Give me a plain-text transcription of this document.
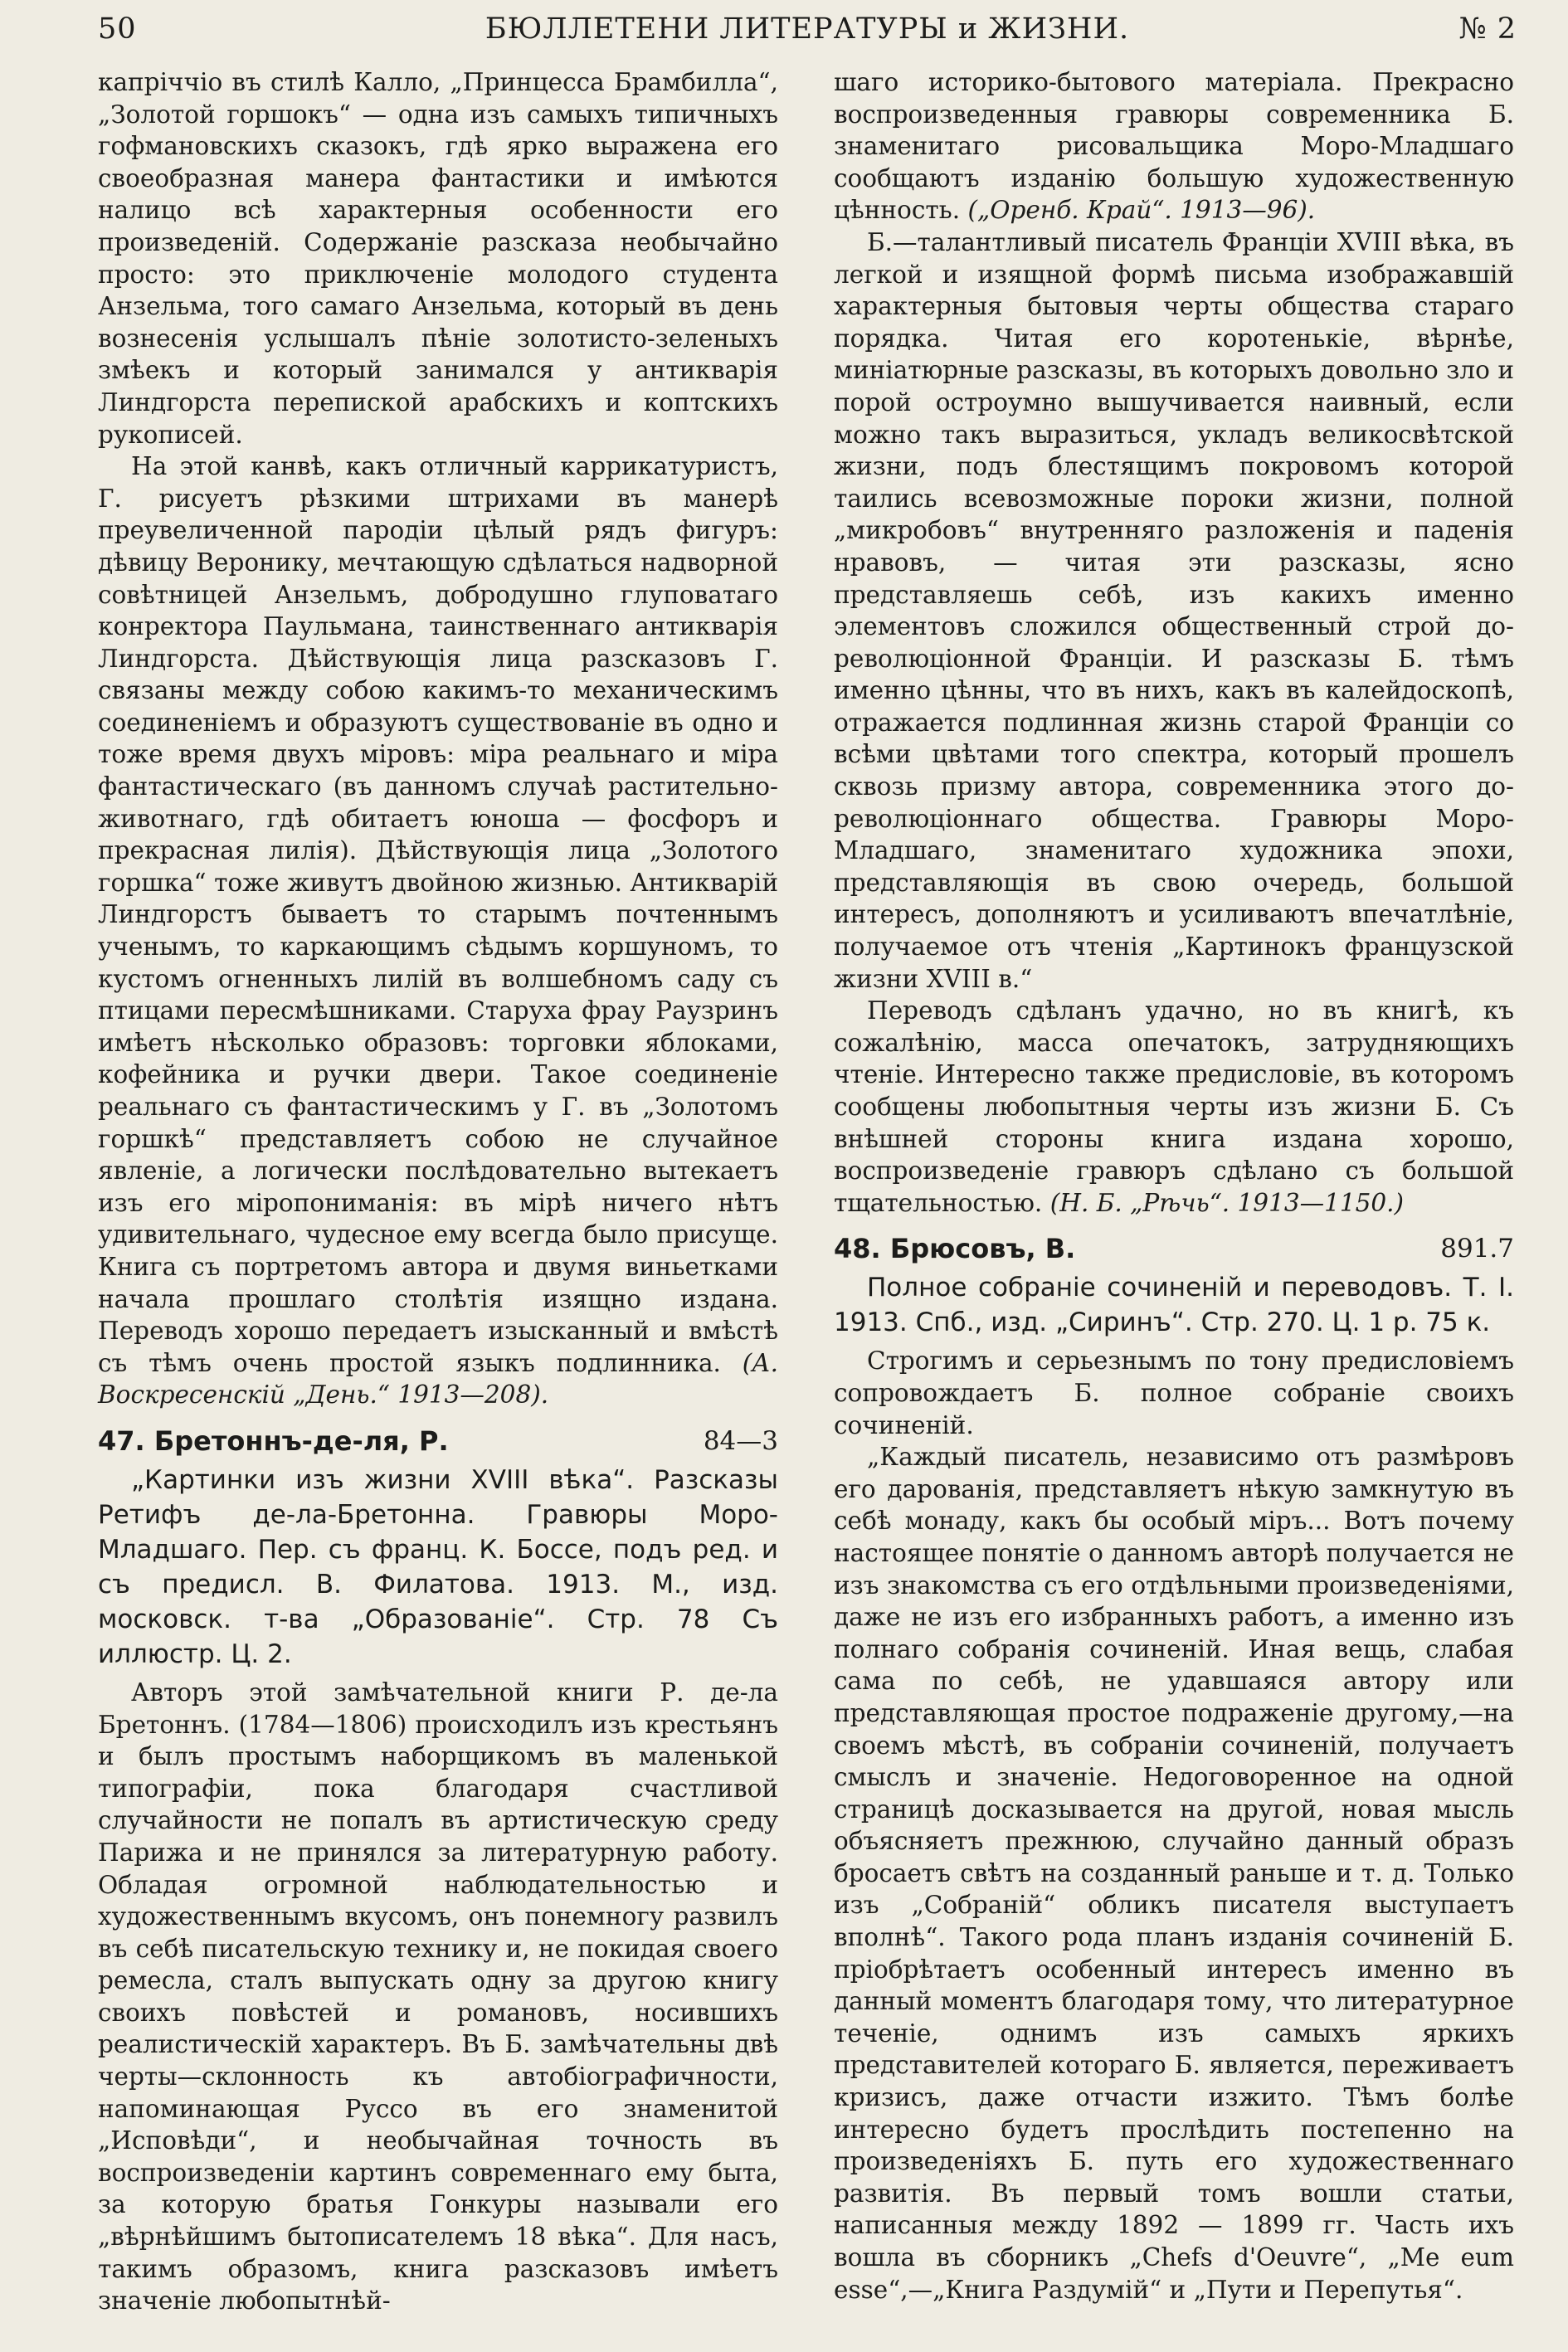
50	БЮЛЛЕТЕНИ ЛИТЕРАТУРЫ и ЖИЗНИ.	№ 2

капріччіо въ стилѣ Калло, „Принцесса Брамбилла“, „Золотой горшокъ“ — одна изъ самыхъ типичныхъ гофмановскихъ сказокъ, гдѣ ярко выражена его своеобразная манера фантастики и имѣются налицо всѣ характерныя особенности его произведеній. Содержаніе разсказа необычайно просто: это приключеніе молодого студента Анзельма, того самаго Анзельма, который въ день вознесенія услышалъ пѣніе золотисто-зеленыхъ змѣекъ и который занимался у антикварія Линдгорста перепиской арабскихъ и коптскихъ рукописей.

На этой канвѣ, какъ отличный каррикатуристъ, Г. рисуетъ рѣзкими штрихами въ манерѣ преувеличенной пародіи цѣлый рядъ фигуръ: дѣвицу Веронику, мечтающую сдѣлаться надворной совѣтницей Анзельмъ, добродушно глуповатаго конректора Паульмана, таинственнаго антикварія Линдгорста. Дѣйствующія лица разсказовъ Г. связаны между собою какимъ-то механическимъ соединеніемъ и образуютъ существованіе въ одно и тоже время двухъ міровъ: міра реальнаго и міра фантастическаго (въ данномъ случаѣ растительно-животнаго, гдѣ обитаетъ юноша — фосфоръ и прекрасная лилія). Дѣйствующія лица „Золотого горшка“ тоже живутъ двойною жизнью. Антикварій Линдгорстъ бываетъ то старымъ почтеннымъ ученымъ, то каркающимъ сѣдымъ коршуномъ, то кустомъ огненныхъ лилій въ волшебномъ саду съ птицами пересмѣшниками. Старуха фрау Раузринъ имѣетъ нѣсколько образовъ: торговки яблоками, кофейника и ручки двери. Такое соединеніе реальнаго съ фантастическимъ у Г. въ „Золотомъ горшкѣ“ представляетъ собою не случайное явленіе, а логически послѣдовательно вытекаетъ изъ его міропониманія: въ мірѣ ничего нѣтъ удивительнаго, чудесное ему всегда было присуще. Книга съ портретомъ автора и двумя виньетками начала прошлаго столѣтія изящно издана. Переводъ хорошо передаетъ изысканный и вмѣстѣ съ тѣмъ очень простой языкъ подлинника. (А. Воскресенскій „День.“ 1913—208).

47. Бретоннъ-де-ля, Р.	84—3
„Картинки изъ жизни XVIII вѣка“. Разсказы Ретифъ де-ла-Бретонна. Гравюры Моро-Младшаго. Пер. съ франц. К. Боссе, подъ ред. и съ предисл. В. Филатова. 1913. М., изд. московск. т-ва „Образованіе“. Стр. 78 Съ иллюстр. Ц. 2.

Авторъ этой замѣчательной книги Р. де-ла Бретоннъ. (1784—1806) происходилъ изъ крестьянъ и былъ простымъ наборщикомъ въ маленькой типографіи, пока благодаря счастливой случайности не попалъ въ артистическую среду Парижа и не принялся за литературную работу. Обладая огромной наблюдательностью и художественнымъ вкусомъ, онъ понемногу развилъ въ себѣ писательскую технику и, не покидая своего ремесла, сталъ выпускать одну за другою книгу своихъ повѣстей и романовъ, носившихъ реалистическій характеръ. Въ Б. замѣчательны двѣ черты—склонность къ автобіографичности, напоминающая Руссо въ его знаменитой „Исповѣди“, и необычайная точность въ воспроизведеніи картинъ современнаго ему быта, за которую братья Гонкуры называли его „вѣрнѣйшимъ бытописателемъ 18 вѣка“. Для насъ, такимъ образомъ, книга разсказовъ имѣетъ значеніе любопытнѣй-

шаго историко-бытового матеріала. Прекрасно воспроизведенныя гравюры современника Б. знаменитаго рисовальщика Моро-Младшаго сообщаютъ изданію большую художественную цѣнность. („Оренб. Край“. 1913—96).

Б.—талантливый писатель Франціи XVIII вѣка, въ легкой и изящной формѣ письма изображавшій характерныя бытовыя черты общества стараго порядка. Читая его коротенькіе, вѣрнѣе, миніатюрные разсказы, въ которыхъ довольно зло и порой остроумно вышучивается наивный, если можно такъ выразиться, укладъ великосвѣтской жизни, подъ блестящимъ покровомъ которой таились всевозможные пороки жизни, полной „микробовъ“ внутренняго разложенія и паденія нравовъ, — читая эти разсказы, ясно представляешь себѣ, изъ какихъ именно элементовъ сложился общественный строй до-революціонной Франціи. И разсказы Б. тѣмъ именно цѣнны, что въ нихъ, какъ въ калейдоскопѣ, отражается подлинная жизнь старой Франціи со всѣми цвѣтами того спектра, который прошелъ сквозь призму автора, современника этого до-революціоннаго общества. Гравюры Моро-Младшаго, знаменитаго художника эпохи, представляющія въ свою очередь, большой интересъ, дополняютъ и усиливаютъ впечатлѣніе, получаемое отъ чтенія „Картинокъ французской жизни XVIII в.“

Переводъ сдѣланъ удачно, но въ книгѣ, къ сожалѣнію, масса опечатокъ, затрудняющихъ чтеніе. Интересно также предисловіе, въ которомъ сообщены любопытныя черты изъ жизни Б. Съ внѣшней стороны книга издана хорошо, воспроизведеніе гравюръ сдѣлано съ большой тщательностью. (Н. Б. „Рѣчь“. 1913—1150.)

48. Брюсовъ, В.	891.7
Полное собраніе сочиненій и переводовъ. Т. I. 1913. Спб., изд. „Сиринъ“. Стр. 270. Ц. 1 р. 75 к.

Строгимъ и серьезнымъ по тону предисловіемъ сопровождаетъ Б. полное собраніе своихъ сочиненій.

„Каждый писатель, независимо отъ размѣровъ его дарованія, представляетъ нѣкую замкнутую въ себѣ монаду, какъ бы особый міръ... Вотъ почему настоящее понятіе о данномъ авторѣ получается не изъ знакомства съ его отдѣльными произведеніями, даже не изъ его избранныхъ работъ, а именно изъ полнаго собранія сочиненій. Иная вещь, слабая сама по себѣ, не удавшаяся автору или представляющая простое подраженіе другому,—на своемъ мѣстѣ, въ собраніи сочиненій, получаетъ смыслъ и значеніе. Недоговоренное на одной страницѣ досказывается на другой, новая мысль объясняетъ прежнюю, случайно данный образъ бросаетъ свѣтъ на созданный раньше и т. д. Только изъ „Собраній“ обликъ писателя выступаетъ вполнѣ“. Такого рода планъ изданія сочиненій Б. пріобрѣтаетъ особенный интересъ именно въ данный моментъ благодаря тому, что литературное теченіе, однимъ изъ самыхъ яркихъ представителей котораго Б. является, переживаетъ кризисъ, даже отчасти изжито. Тѣмъ болѣе интересно будетъ прослѣдить постепенно на произведеніяхъ Б. путь его художественнаго развитія. Въ первый томъ вошли статьи, написанныя между 1892 — 1899 гг. Часть ихъ вошла въ сборникъ „Chefs d'Oeuvre“, „Me eum esse“,—„Книга Раздумій“ и „Пути и Перепутья“.
